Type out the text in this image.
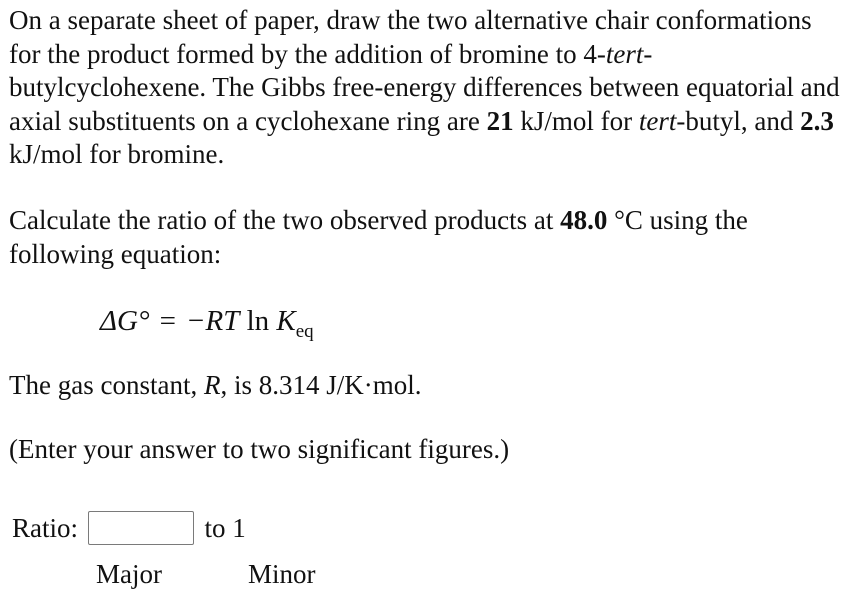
On a separate sheet of paper, draw the two alternative chair conformations for the product formed by the addition of bromine to 4-tert-butylcyclohexene. The Gibbs free-energy differences between equatorial and axial substituents on a cyclohexane ring are 21 kJ/mol for tert-butyl, and 2.3 kJ/mol for bromine.

Calculate the ratio of the two observed products at 48.0 °C using the following equation:

ΔG° = −RT $\ln K_{eq}$

The gas constant, R, is 8.314 J/K·mol.

(Enter your answer to two significant figures.)

Ratio:	to 1
Major	Minor
